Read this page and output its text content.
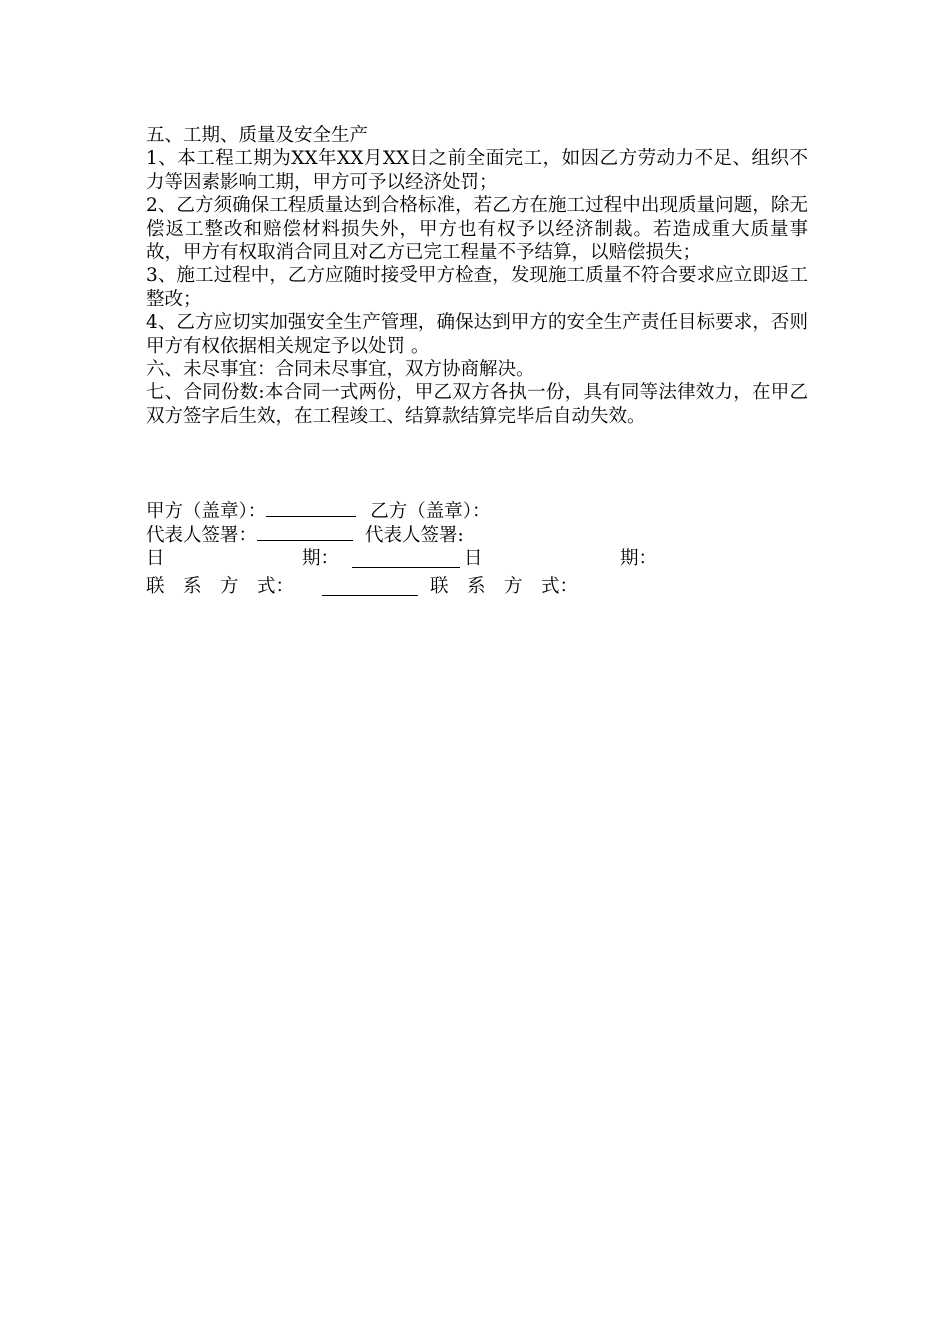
五、工期、质量及安全生产

1、本工程工期为XX年XX月XX日之前全面完工，如因乙方劳动力不足、组织不力等因素影响工期，甲方可予以经济处罚；

2、乙方须确保工程质量达到合格标准，若乙方在施工过程中出现质量问题，除无偿返工整改和赔偿材料损失外，甲方也有权予以经济制裁。若造成重大质量事故，甲方有权取消合同且对乙方已完工程量不予结算，以赔偿损失；

3、施工过程中，乙方应随时接受甲方检查，发现施工质量不符合要求应立即返工整改；

4、乙方应切实加强安全生产管理，确保达到甲方的安全生产责任目标要求，否则甲方有权依据相关规定予以处罚 。

六、未尽事宜：合同未尽事宜，双方协商解决。

七、合同份数:本合同一式两份，甲乙双方各执一份，具有同等法律效力，在甲乙双方签字后生效，在工程竣工、结算款结算完毕后自动失效。

甲方（盖章）：	乙方（盖章）：
代表人签署：	代表人签署:
日	期：	日	期：
联　系　方　式：	联　系　方　式：
